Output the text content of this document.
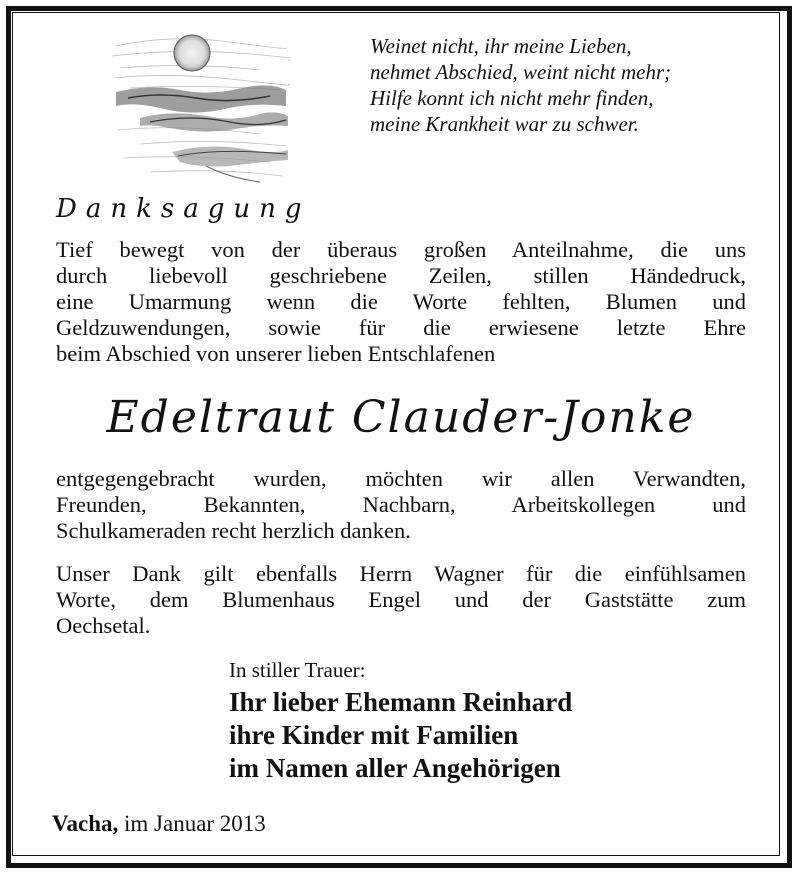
Weinet nicht, ihr meine Lieben,
nehmet Abschied, weint nicht mehr;
Hilfe konnt ich nicht mehr finden,
meine Krankheit war zu schwer.
Danksagung
Tief bewegt von der überaus großen Anteilnahme, die uns
durch liebevoll geschriebene Zeilen, stillen Händedruck,
eine Umarmung wenn die Worte fehlten, Blumen und
Geldzuwendungen, sowie für die erwiesene letzte Ehre
beim Abschied von unserer lieben Entschlafenen
Edeltraut Clauder-Jonke
entgegengebracht wurden, möchten wir allen Verwandten,
Freunden, Bekannten, Nachbarn, Arbeitskollegen und
Schulkameraden recht herzlich danken.
Unser Dank gilt ebenfalls Herrn Wagner für die einfühlsamen
Worte, dem Blumenhaus Engel und der Gaststätte zum
Oechsetal.
In stiller Trauer:
Ihr lieber Ehemann Reinhard
ihre Kinder mit Familien
im Namen aller Angehörigen
Vacha, im Januar 2013
